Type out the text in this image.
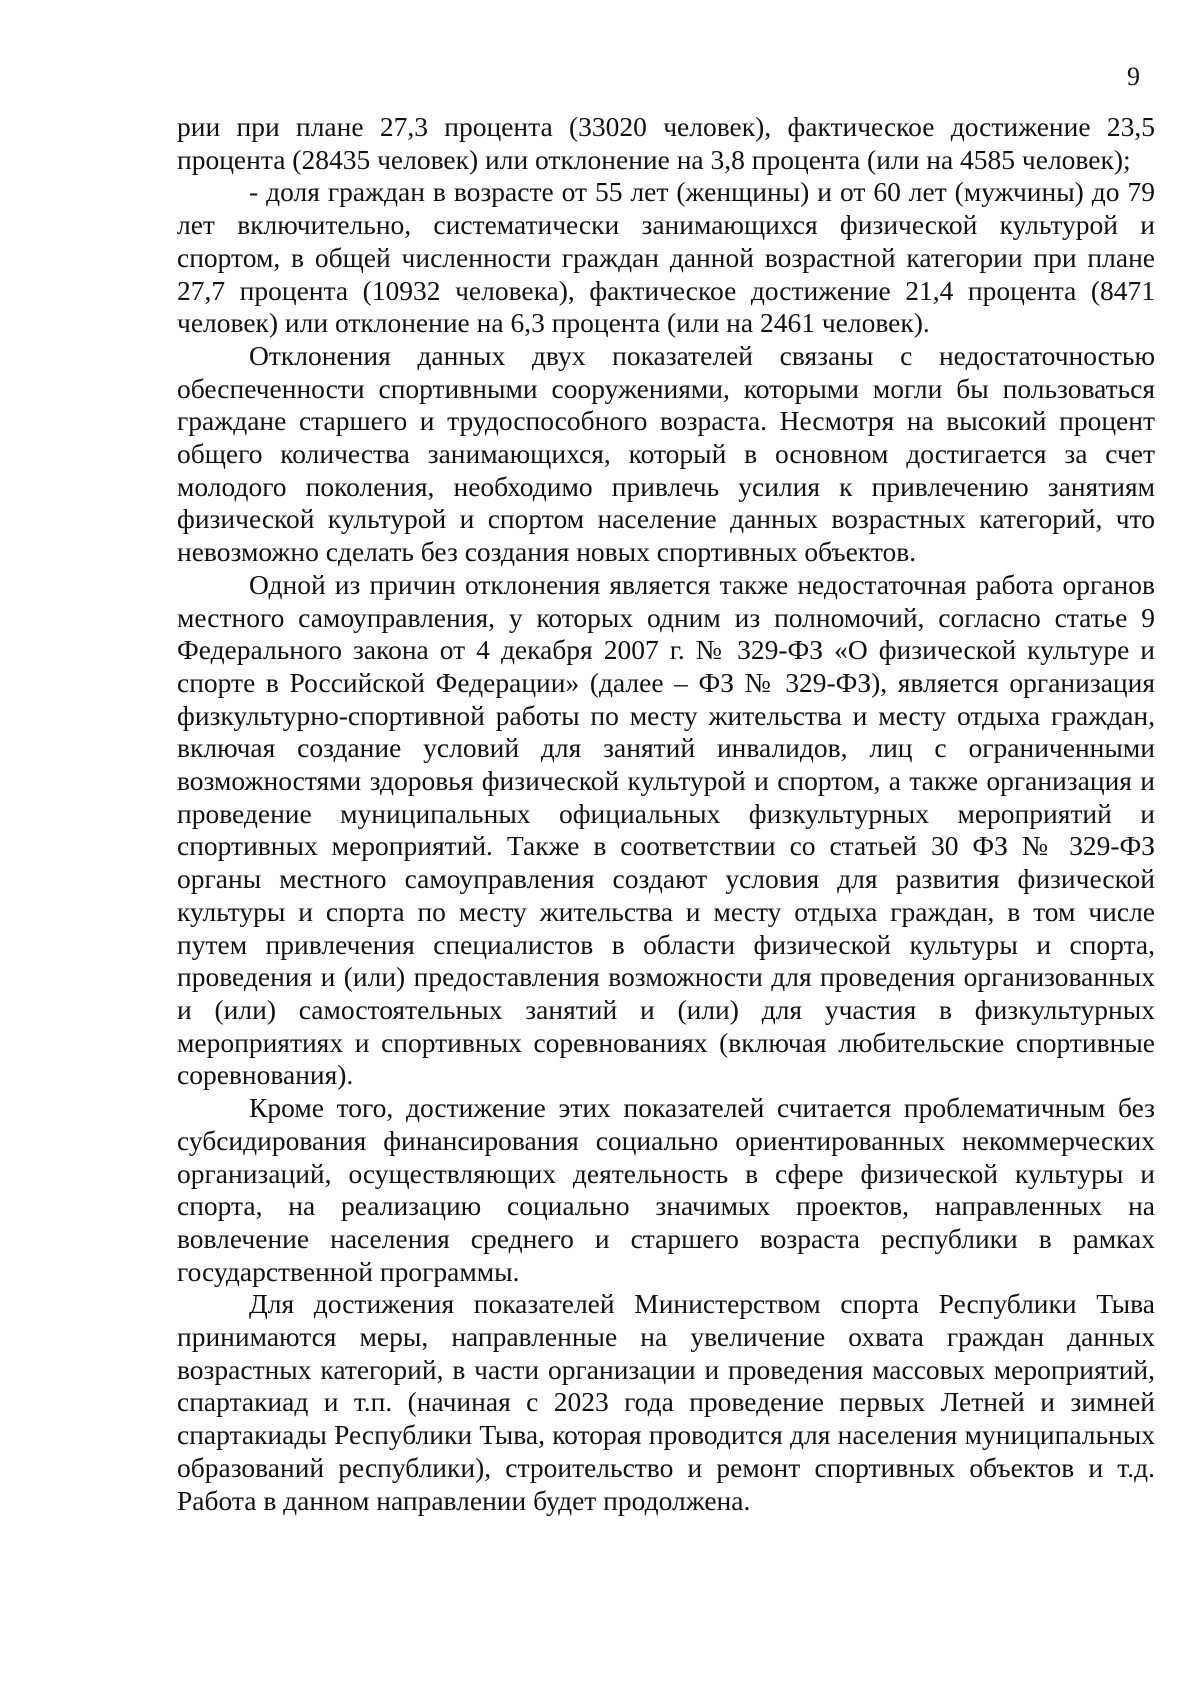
9

рии при плане 27,3 процента (33020 человек), фактическое достижение 23,5 процента (28435 человек) или отклонение на 3,8 процента (или на 4585 человек);

- доля граждан в возрасте от 55 лет (женщины) и от 60 лет (мужчины) до 79 лет включительно, систематически занимающихся физической культурой и спортом, в общей численности граждан данной возрастной категории при плане 27,7 процента (10932 человека), фактическое достижение 21,4 процента (8471 человек) или отклонение на 6,3 процента (или на 2461 человек).

Отклонения данных двух показателей связаны с недостаточностью обеспеченности спортивными сооружениями, которыми могли бы пользоваться граждане старшего и трудоспособного возраста. Несмотря на высокий процент общего количества занимающихся, который в основном достигается за счет молодого поколения, необходимо привлечь усилия к привлечению занятиям физической культурой и спортом население данных возрастных категорий, что невозможно сделать без создания новых спортивных объектов.

Одной из причин отклонения является также недостаточная работа органов местного самоуправления, у которых одним из полномочий, согласно статье 9 Федерального закона от 4 декабря 2007 г. № 329-ФЗ «О физической культуре и спорте в Российской Федерации» (далее – ФЗ № 329-ФЗ), является организация физкультурно-спортивной работы по месту жительства и месту отдыха граждан, включая создание условий для занятий инвалидов, лиц с ограниченными возможностями здоровья физической культурой и спортом, а также организация и проведение муниципальных официальных физкультурных мероприятий и спортивных мероприятий. Также в соответствии со статьей 30 ФЗ № 329-ФЗ органы местного самоуправления создают условия для развития физической культуры и спорта по месту жительства и месту отдыха граждан, в том числе путем привлечения специалистов в области физической культуры и спорта, проведения и (или) предоставления возможности для проведения организованных и (или) самостоятельных занятий и (или) для участия в физкультурных мероприятиях и спортивных соревнованиях (включая любительские спортивные соревнования).

Кроме того, достижение этих показателей считается проблематичным без субсидирования финансирования социально ориентированных некоммерческих организаций, осуществляющих деятельность в сфере физической культуры и спорта, на реализацию социально значимых проектов, направленных на вовлечение населения среднего и старшего возраста республики в рамках государственной программы.

Для достижения показателей Министерством спорта Республики Тыва принимаются меры, направленные на увеличение охвата граждан данных возрастных категорий, в части организации и проведения массовых мероприятий, спартакиад и т.п. (начиная с 2023 года проведение первых Летней и зимней спартакиады Республики Тыва, которая проводится для населения муниципальных образований республики), строительство и ремонт спортивных объектов и т.д. Работа в данном направлении будет продолжена.
